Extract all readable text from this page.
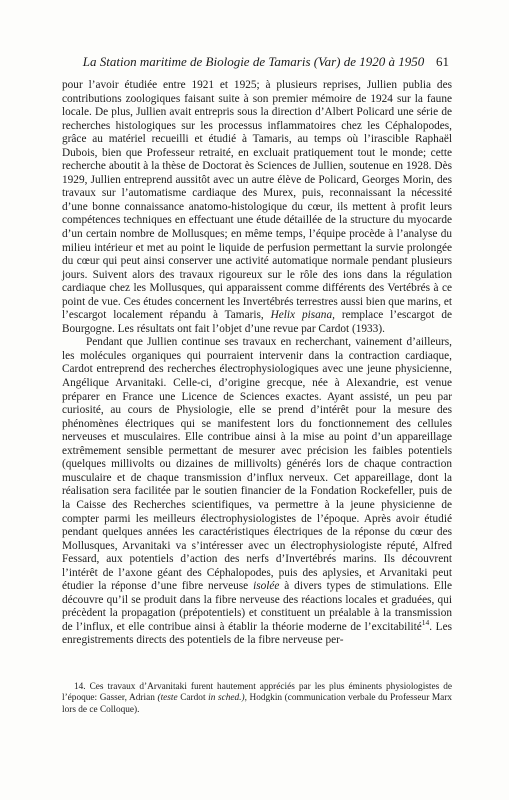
La Station maritime de Biologie de Tamaris (Var) de 1920 à 1950 61

pour l’avoir étudiée entre 1921 et 1925; à plusieurs reprises, Jullien publia des contributions zoologiques faisant suite à son premier mémoire de 1924 sur la faune locale. De plus, Jullien avait entrepris sous la direction d’Albert Policard une série de recherches histologiques sur les processus inflammatoires chez les Céphalopodes, grâce au matériel recueilli et étudié à Tamaris, au temps où l’irascible Raphaël Dubois, bien que Professeur retraité, en excluait pratiquement tout le monde; cette recherche aboutit à la thèse de Doctorat ès Sciences de Jullien, soutenue en 1928. Dès 1929, Jullien entreprend aussitôt avec un autre élève de Policard, Georges Morin, des travaux sur l’automatisme cardiaque des Murex, puis, reconnaissant la nécessité d’une bonne connaissance anatomo-histologique du cœur, ils mettent à profit leurs compétences techniques en effectuant une étude détaillée de la structure du myocarde d’un certain nombre de Mollusques; en même temps, l’équipe procède à l’analyse du milieu intérieur et met au point le liquide de perfusion permettant la survie prolongée du cœur qui peut ainsi conserver une activité automatique normale pendant plusieurs jours. Suivent alors des travaux rigoureux sur le rôle des ions dans la régulation cardiaque chez les Mollusques, qui apparaissent comme différents des Vertébrés à ce point de vue. Ces études concernent les Invertébrés terrestres aussi bien que marins, et l’escargot localement répandu à Tamaris, Helix pisana, remplace l’escargot de Bourgogne. Les résultats ont fait l’objet d’une revue par Cardot (1933).

Pendant que Jullien continue ses travaux en recherchant, vainement d’ailleurs, les molécules organiques qui pourraient intervenir dans la contraction cardiaque, Cardot entreprend des recherches électrophysiologiques avec une jeune physicienne, Angélique Arvanitaki. Celle-ci, d’origine grecque, née à Alexandrie, est venue préparer en France une Licence de Sciences exactes. Ayant assisté, un peu par curiosité, au cours de Physiologie, elle se prend d’intérêt pour la mesure des phénomènes électriques qui se manifestent lors du fonctionnement des cellules nerveuses et musculaires. Elle contribue ainsi à la mise au point d’un appareillage extrêmement sensible permettant de mesurer avec précision les faibles potentiels (quelques millivolts ou dizaines de millivolts) générés lors de chaque contraction musculaire et de chaque transmission d’influx nerveux. Cet appareillage, dont la réalisation sera facilitée par le soutien financier de la Fondation Rockefeller, puis de la Caisse des Recherches scientifiques, va permettre à la jeune physicienne de compter parmi les meilleurs électrophysiologistes de l’époque. Après avoir étudié pendant quelques années les caractéristiques électriques de la réponse du cœur des Mollusques, Arvanitaki va s’intéresser avec un électrophysiologiste réputé, Alfred Fessard, aux potentiels d’action des nerfs d’Invertébrés marins. Ils découvrent l’intérêt de l’axone géant des Céphalopodes, puis des aplysies, et Arvanitaki peut étudier la réponse d’une fibre nerveuse isolée à divers types de stimulations. Elle découvre qu’il se produit dans la fibre nerveuse des réactions locales et graduées, qui précèdent la propagation (prépotentiels) et constituent un préalable à la transmission de l’influx, et elle contribue ainsi à établir la théorie moderne de l’excitabilité$^{14}$. Les enregistrements directs des potentiels de la fibre nerveuse per-

14. Ces travaux d’Arvanitaki furent hautement appréciés par les plus éminents physiologistes de l’époque: Gasser, Adrian (teste Cardot in sched.), Hodgkin (communication verbale du Professeur Marx lors de ce Colloque).
